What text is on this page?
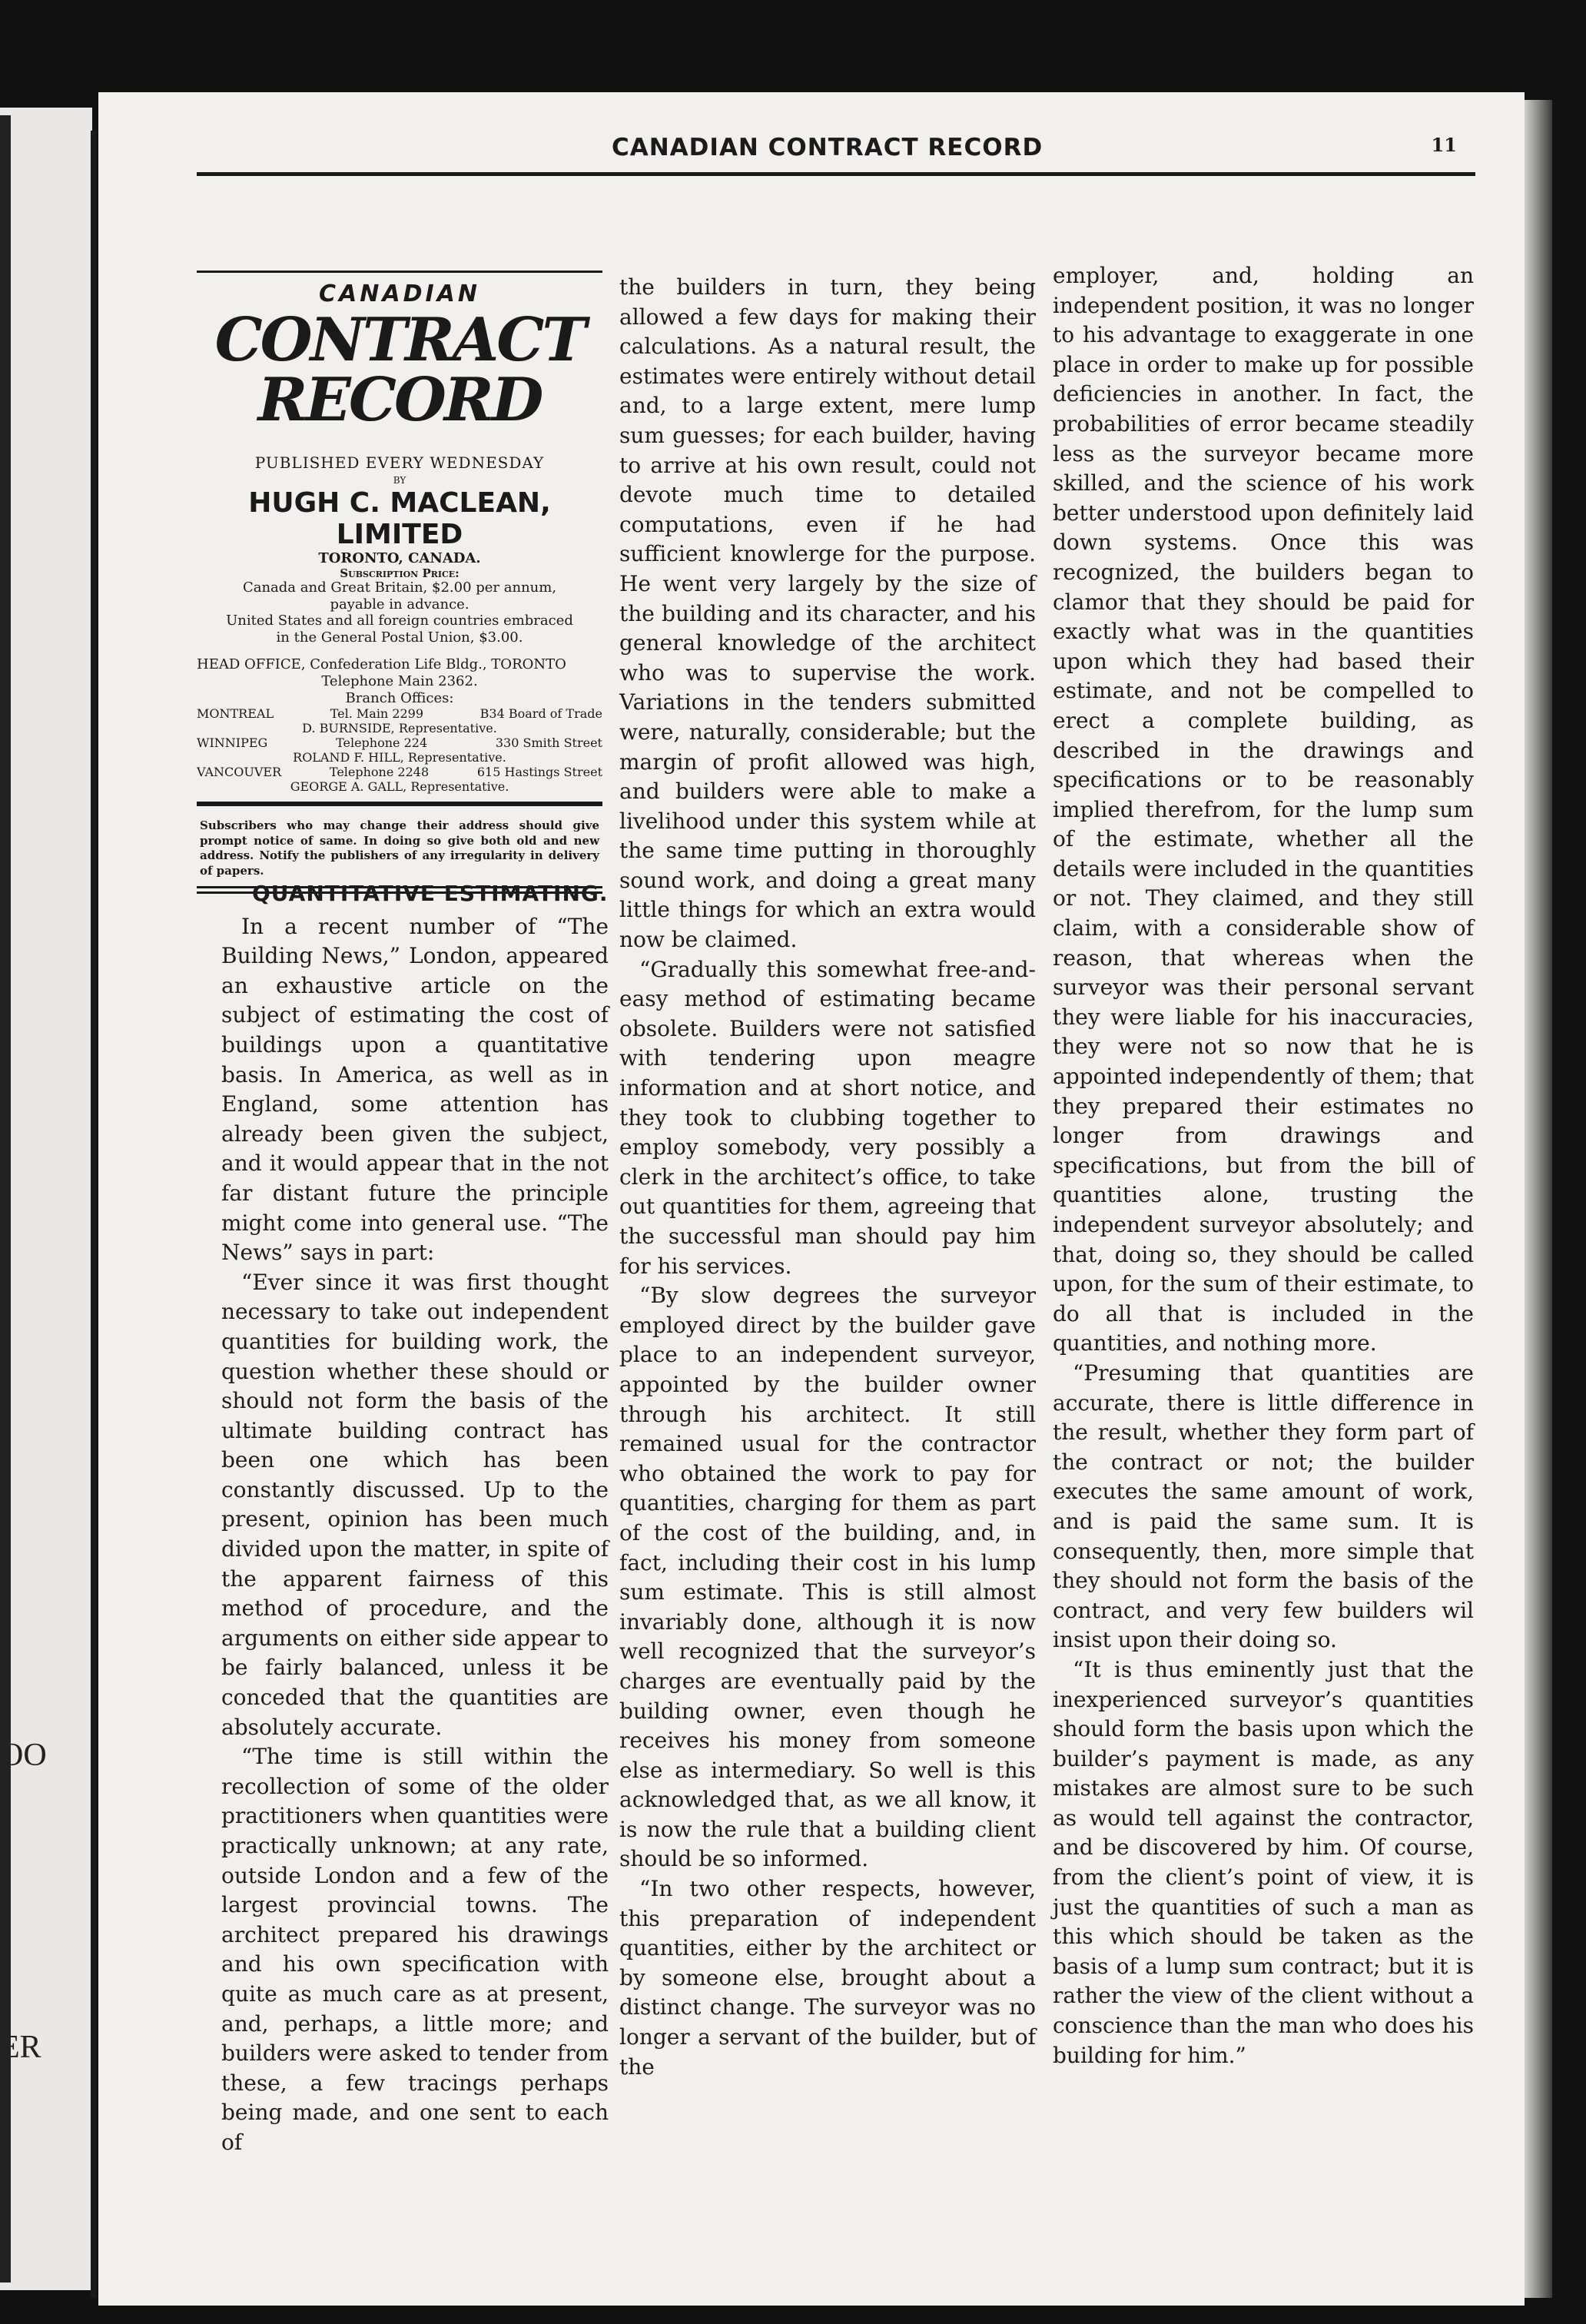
OO
ER
CANADIAN CONTRACT RECORD	11
CANADIAN
CONTRACT RECORD
PUBLISHED EVERY WEDNESDAY
BY
HUGH C. MACLEAN, LIMITED
TORONTO, CANADA.
Subscription Price:
Canada and Great Britain, $2.00 per annum,
payable in advance.
United States and all foreign countries embraced
in the General Postal Union, $3.00.
HEAD OFFICE, Confederation Life Bldg., TORONTO
Telephone Main 2362.
Branch Offices:
MONTREAL	Tel. Main 2299	B34 Board of Trade
D. BURNSIDE, Representative.
WINNIPEG	Telephone 224	330 Smith Street
ROLAND F. HILL, Representative.
VANCOUVER	Telephone 2248	615 Hastings Street
GEORGE A. GALL, Representative.
Subscribers who may change their address should give prompt notice of same. In doing so give both old and new address. Notify the publishers of any irregularity in delivery of papers.
QUANTITATIVE ESTIMATING.

In a recent number of “The Building News,” London, appeared an exhaustive article on the subject of estimating the cost of buildings upon a quantitative basis. In America, as well as in England, some attention has already been given the subject, and it would appear that in the not far distant future the principle might come into general use. “The News” says in part:

“Ever since it was first thought necessary to take out independent quantities for building work, the question whether these should or should not form the basis of the ultimate building contract has been one which has been constantly discussed. Up to the present, opinion has been much divided upon the matter, in spite of the apparent fairness of this method of procedure, and the arguments on either side appear to be fairly balanced, unless it be conceded that the quantities are absolutely accurate.

“The time is still within the recollection of some of the older practitioners when quantities were practically unknown; at any rate, outside London and a few of the largest provincial towns. The architect prepared his drawings and his own specification with quite as much care as at present, and, perhaps, a little more; and builders were asked to tender from these, a few tracings perhaps being made, and one sent to each of

the builders in turn, they being allowed a few days for making their calculations. As a natural result, the estimates were entirely without detail and, to a large extent, mere lump sum guesses; for each builder, having to arrive at his own result, could not devote much time to detailed computations, even if he had sufficient knowlerge for the purpose. He went very largely by the size of the building and its character, and his general knowledge of the architect who was to supervise the work. Variations in the tenders submitted were, naturally, considerable; but the margin of profit allowed was high, and builders were able to make a livelihood under this system while at the same time putting in thoroughly sound work, and doing a great many little things for which an extra would now be claimed.

“Gradually this somewhat free-and-easy method of estimating became obsolete. Builders were not satisfied with tendering upon meagre information and at short notice, and they took to clubbing together to employ somebody, very possibly a clerk in the architect’s office, to take out quantities for them, agreeing that the successful man should pay him for his services.

“By slow degrees the surveyor employed direct by the builder gave place to an independent surveyor, appointed by the builder owner through his architect. It still remained usual for the contractor who obtained the work to pay for quantities, charging for them as part of the cost of the building, and, in fact, including their cost in his lump sum estimate. This is still almost invariably done, although it is now well recognized that the surveyor’s charges are eventually paid by the building owner, even though he receives his money from someone else as intermediary. So well is this acknowledged that, as we all know, it is now the rule that a building client should be so informed.

“In two other respects, however, this preparation of independent quantities, either by the architect or by someone else, brought about a distinct change. The surveyor was no longer a servant of the builder, but of the

employer, and, holding an independent position, it was no longer to his advantage to exaggerate in one place in order to make up for possible deficiencies in another. In fact, the probabilities of error became steadily less as the surveyor became more skilled, and the science of his work better understood upon definitely laid down systems. Once this was recognized, the builders began to clamor that they should be paid for exactly what was in the quantities upon which they had based their estimate, and not be compelled to erect a complete building, as described in the drawings and specifications or to be reasonably implied therefrom, for the lump sum of the estimate, whether all the details were included in the quantities or not. They claimed, and they still claim, with a considerable show of reason, that whereas when the surveyor was their personal servant they were liable for his inaccuracies, they were not so now that he is appointed independently of them; that they prepared their estimates no longer from drawings and specifications, but from the bill of quantities alone, trusting the independent surveyor absolutely; and that, doing so, they should be called upon, for the sum of their estimate, to do all that is included in the quantities, and nothing more.

“Presuming that quantities are accurate, there is little difference in the result, whether they form part of the contract or not; the builder executes the same amount of work, and is paid the same sum. It is consequently, then, more simple that they should not form the basis of the contract, and very few builders wil insist upon their doing so.

“It is thus eminently just that the inexperienced surveyor’s quantities should form the basis upon which the builder’s payment is made, as any mistakes are almost sure to be such as would tell against the contractor, and be discovered by him. Of course, from the client’s point of view, it is just the quantities of such a man as this which should be taken as the basis of a lump sum contract; but it is rather the view of the client without a conscience than the man who does his building for him.”
